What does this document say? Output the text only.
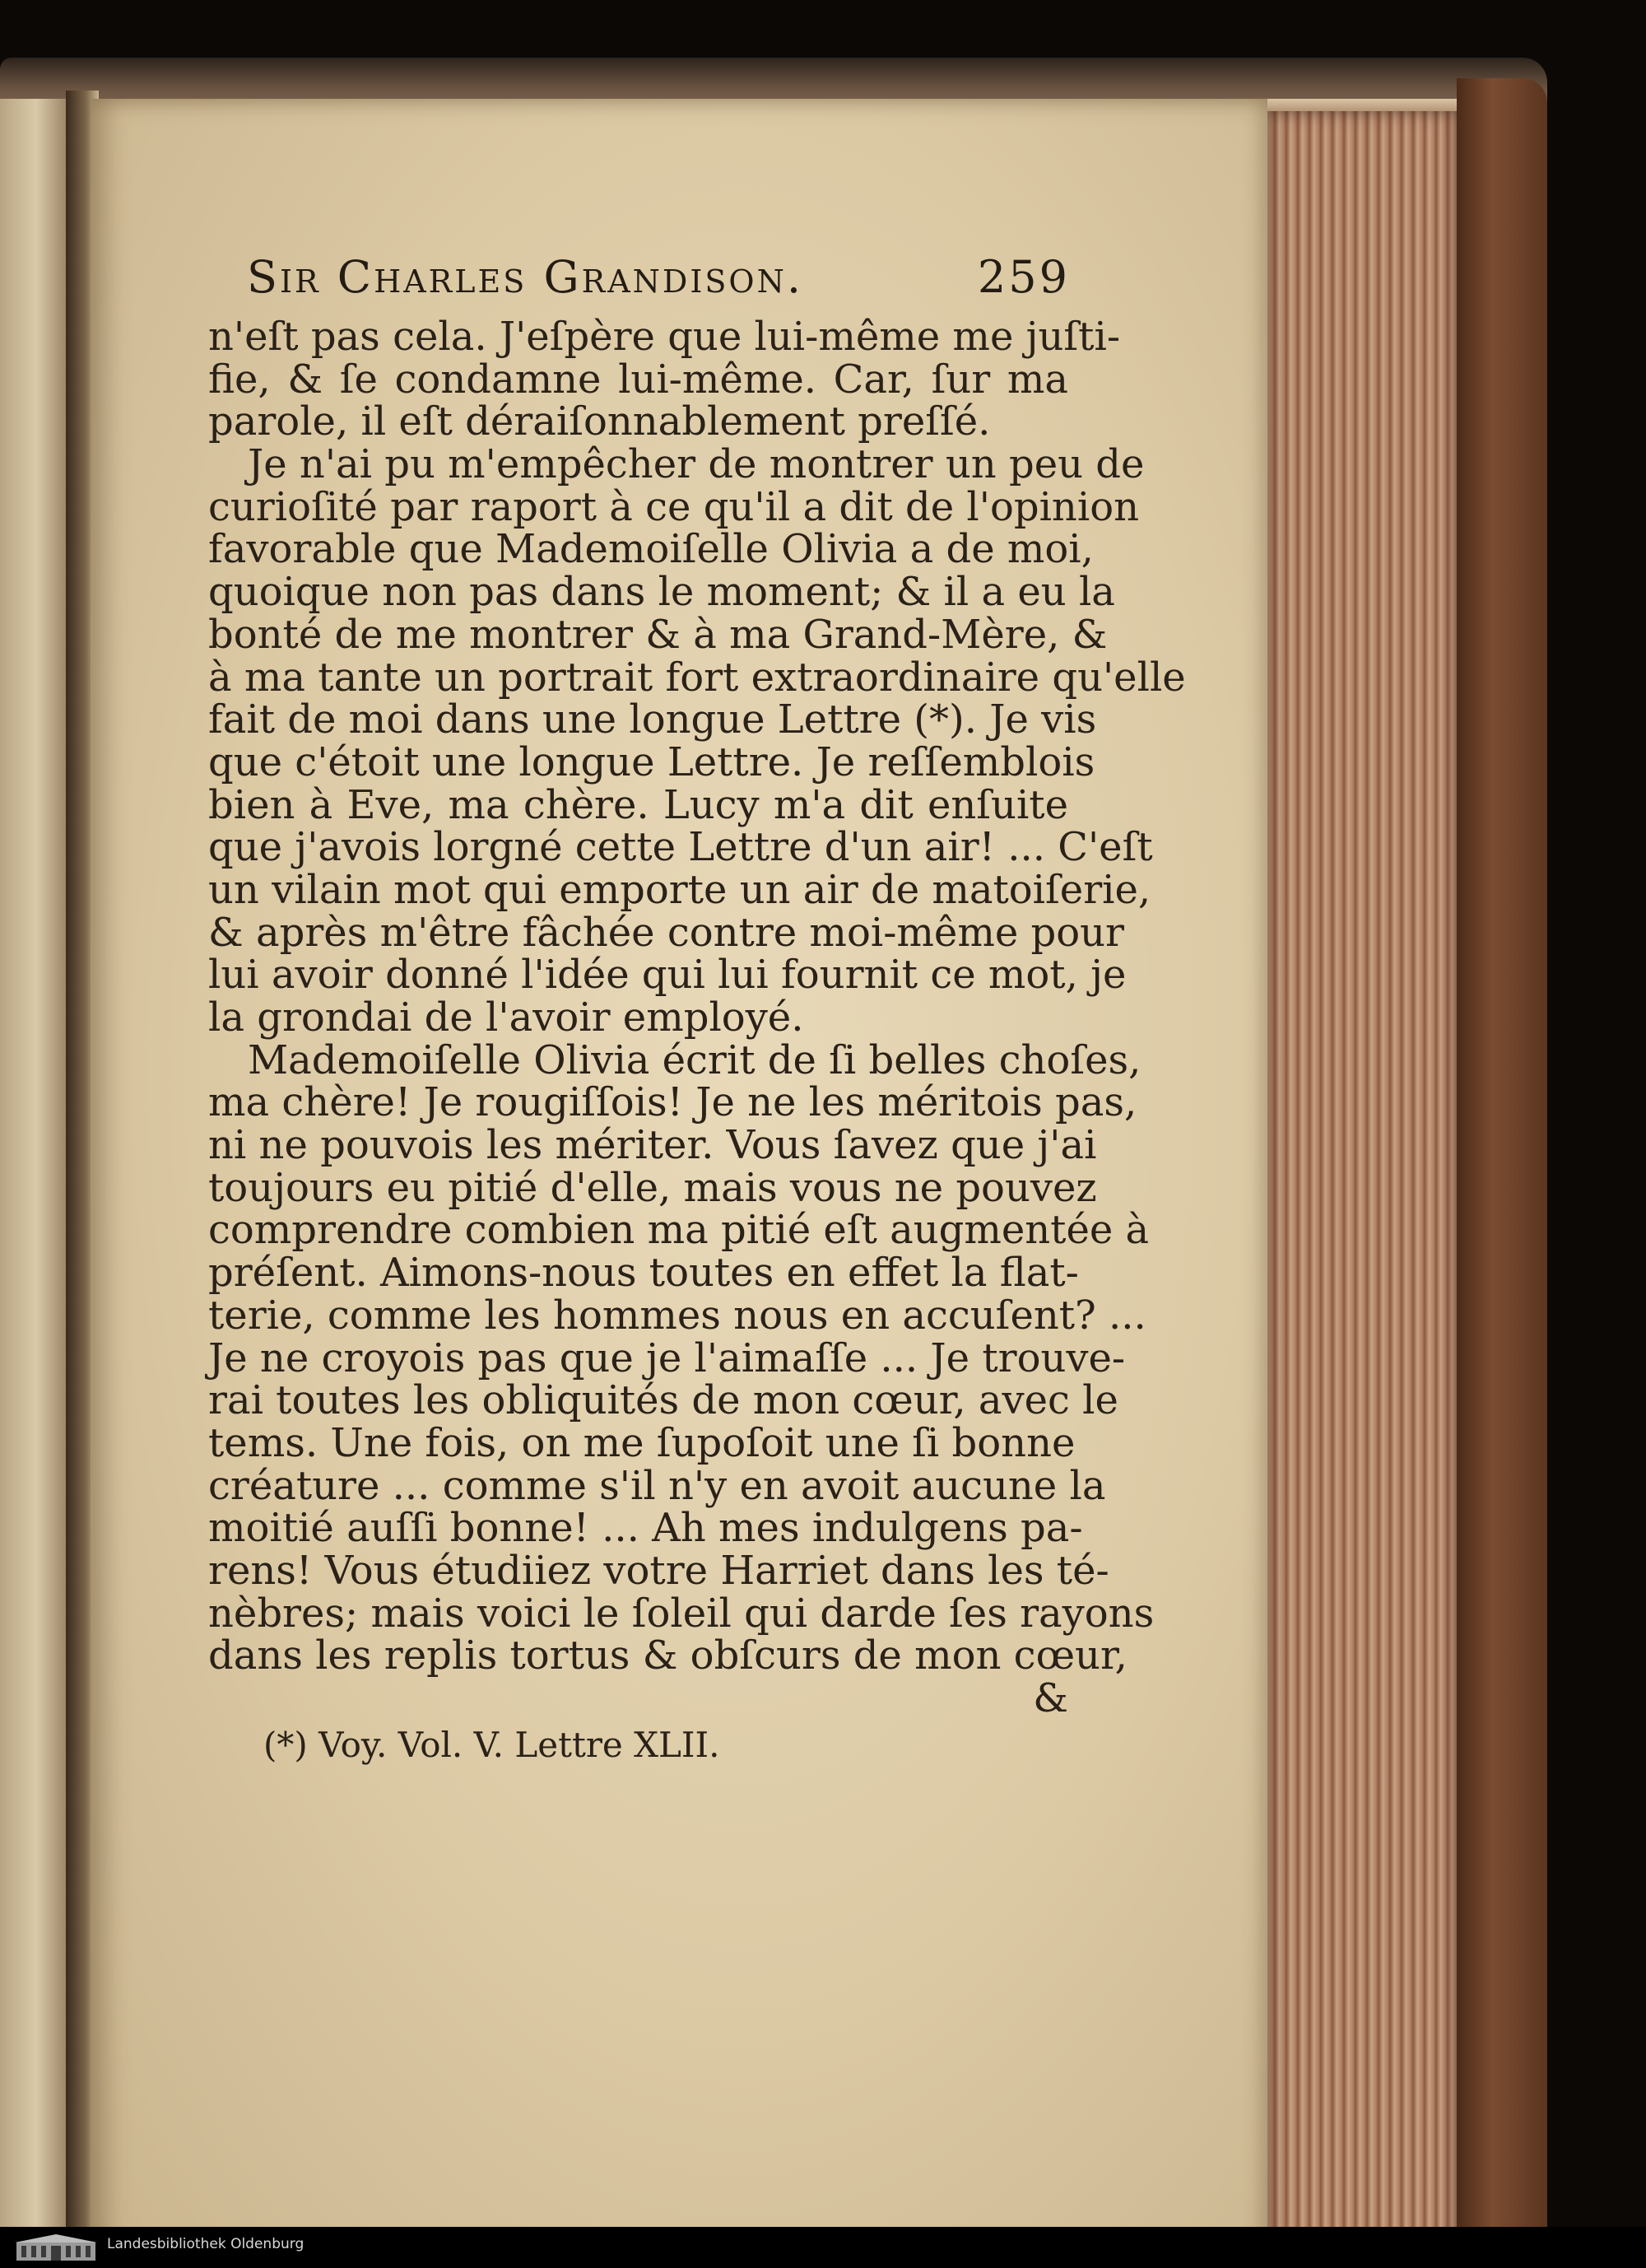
Sir Charles Grandison.	259
n'eſt pas cela. J'eſpère que lui-même me juſti-
fie, & ſe condamne lui-même. Car, ſur ma
parole, il eſt déraiſonnablement preſſé.
Je n'ai pu m'empêcher de montrer un peu de
curioſité par raport à ce qu'il a dit de l'opinion
favorable que Mademoiſelle Olivia a de moi,
quoique non pas dans le moment; & il a eu la
bonté de me montrer & à ma Grand-Mère, &
à ma tante un portrait fort extraordinaire qu'elle
fait de moi dans une longue Lettre (*). Je vis
que c'étoit une longue Lettre. Je reſſemblois
bien à Eve, ma chère. Lucy m'a dit enſuite
que j'avois lorgné cette Lettre d'un air! ... C'eſt
un vilain mot qui emporte un air de matoiſerie,
& après m'être fâchée contre moi-même pour
lui avoir donné l'idée qui lui fournit ce mot, je
la grondai de l'avoir employé.
Mademoiſelle Olivia écrit de ſi belles choſes,
ma chère! Je rougiſſois! Je ne les méritois pas,
ni ne pouvois les mériter. Vous ſavez que j'ai
toujours eu pitié d'elle, mais vous ne pouvez
comprendre combien ma pitié eſt augmentée à
préſent. Aimons-nous toutes en effet la flat-
terie, comme les hommes nous en accuſent? ...
Je ne croyois pas que je l'aimaſſe ... Je trouve-
rai toutes les obliquités de mon cœur, avec le
tems. Une fois, on me ſupoſoit une ſi bonne
créature ... comme s'il n'y en avoit aucune la
moitié auſſi bonne! ... Ah mes indulgens pa-
rens! Vous étudiiez votre Harriet dans les té-
nèbres; mais voici le ſoleil qui darde ſes rayons
dans les replis tortus & obſcurs de mon cœur,
&
(*) Voy. Vol. V. Lettre XLII.
Landesbibliothek Oldenburg
